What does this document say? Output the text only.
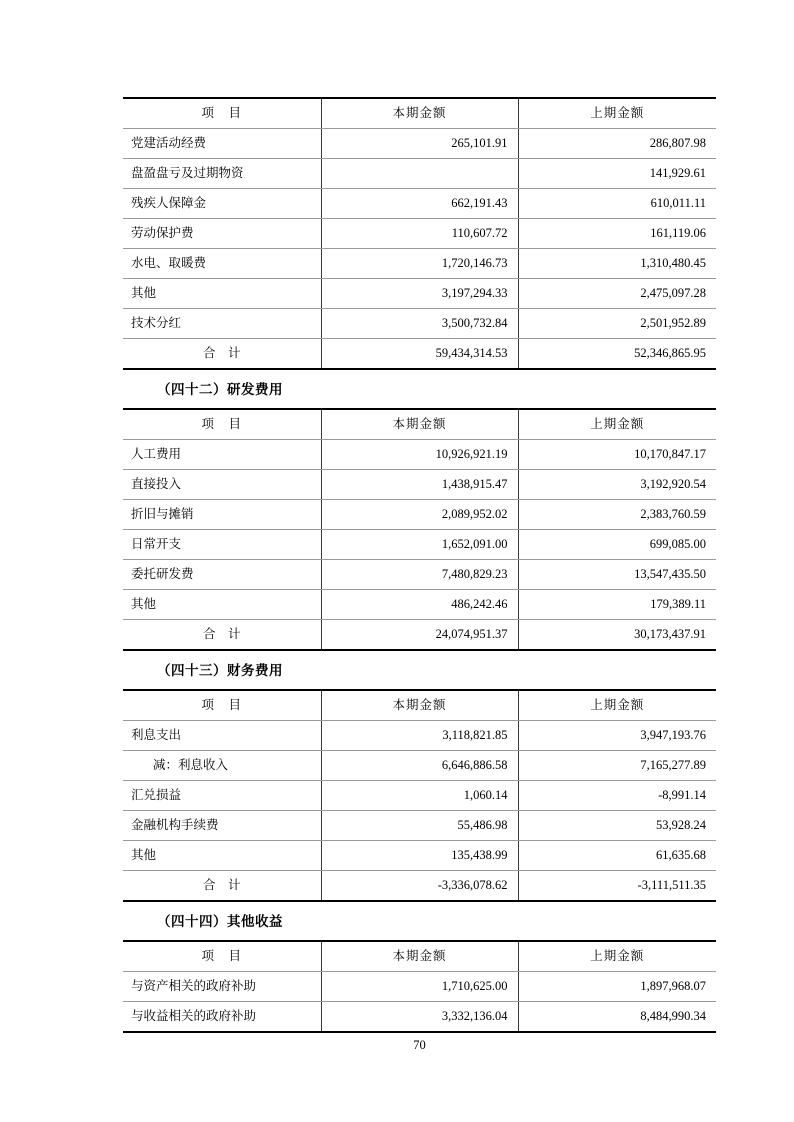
项　目	本期金额	上期金额
党建活动经费	265,101.91	286,807.98
盘盈盘亏及过期物资		141,929.61
残疾人保障金	662,191.43	610,011.11
劳动保护费	110,607.72	161,119.06
水电、取暖费	1,720,146.73	1,310,480.45
其他	3,197,294.33	2,475,097.28
技术分红	3,500,732.84	2,501,952.89
合　计	59,434,314.53	52,346,865.95
（四十二）研发费用
项　目	本期金额	上期金额
人工费用	10,926,921.19	10,170,847.17
直接投入	1,438,915.47	3,192,920.54
折旧与摊销	2,089,952.02	2,383,760.59
日常开支	1,652,091.00	699,085.00
委托研发费	7,480,829.23	13,547,435.50
其他	486,242.46	179,389.11
合　计	24,074,951.37	30,173,437.91
（四十三）财务费用
项　目	本期金额	上期金额
利息支出	3,118,821.85	3,947,193.76
减：利息收入	6,646,886.58	7,165,277.89
汇兑损益	1,060.14	-8,991.14
金融机构手续费	55,486.98	53,928.24
其他	135,438.99	61,635.68
合　计	-3,336,078.62	-3,111,511.35
（四十四）其他收益
项　目	本期金额	上期金额
与资产相关的政府补助	1,710,625.00	1,897,968.07
与收益相关的政府补助	3,332,136.04	8,484,990.34
70
